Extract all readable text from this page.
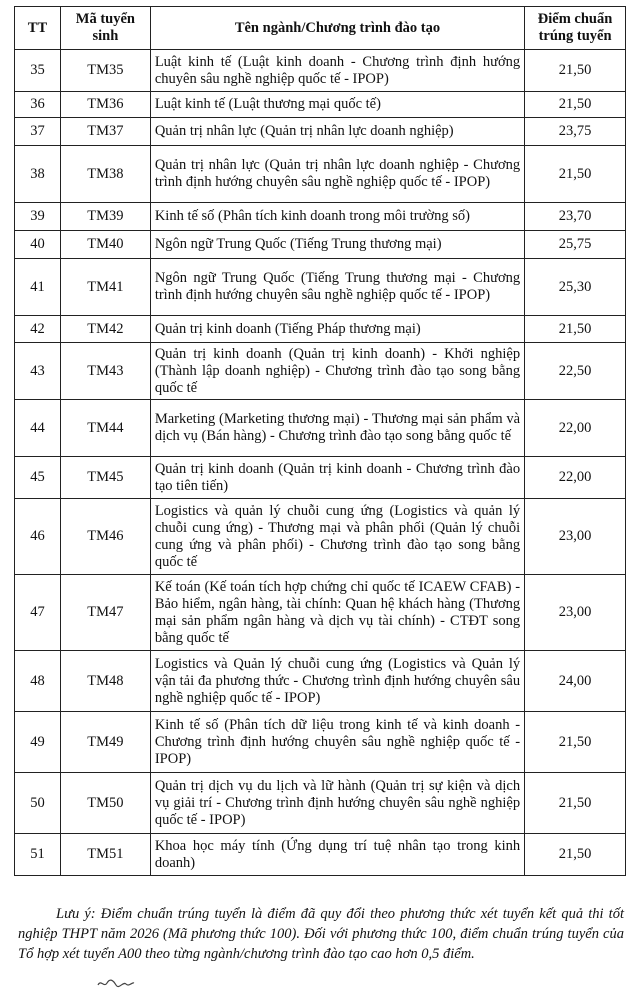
TT	Mã tuyển sinh	Tên ngành/Chương trình đào tạo	Điểm chuẩn trúng tuyển
35	TM35	Luật kinh tế (Luật kinh doanh - Chương trình định hướng chuyên sâu nghề nghiệp quốc tế - IPOP)	21,50
36	TM36	Luật kinh tế (Luật thương mại quốc tế)	21,50
37	TM37	Quản trị nhân lực (Quản trị nhân lực doanh nghiệp)	23,75
38	TM38	Quản trị nhân lực (Quản trị nhân lực doanh nghiệp - Chương trình định hướng chuyên sâu nghề nghiệp quốc tế - IPOP)	21,50
39	TM39	Kinh tế số (Phân tích kinh doanh trong môi trường số)	23,70
40	TM40	Ngôn ngữ Trung Quốc (Tiếng Trung thương mại)	25,75
41	TM41	Ngôn ngữ Trung Quốc (Tiếng Trung thương mại - Chương trình định hướng chuyên sâu nghề nghiệp quốc tế - IPOP)	25,30
42	TM42	Quản trị kinh doanh (Tiếng Pháp thương mại)	21,50
43	TM43	Quản trị kinh doanh (Quản trị kinh doanh) - Khởi nghiệp (Thành lập doanh nghiệp) - Chương trình đào tạo song bằng quốc tế	22,50
44	TM44	Marketing (Marketing thương mại) - Thương mại sản phẩm và dịch vụ (Bán hàng) - Chương trình đào tạo song bằng quốc tế	22,00
45	TM45	Quản trị kinh doanh (Quản trị kinh doanh - Chương trình đào tạo tiên tiến)	22,00
46	TM46	Logistics và quản lý chuỗi cung ứng (Logistics và quản lý chuỗi cung ứng) - Thương mại và phân phối (Quản lý chuỗi cung ứng và phân phối) - Chương trình đào tạo song bằng quốc tế	23,00
47	TM47	Kế toán (Kế toán tích hợp chứng chỉ quốc tế ICAEW CFAB) - Bảo hiểm, ngân hàng, tài chính: Quan hệ khách hàng (Thương mại sản phẩm ngân hàng và dịch vụ tài chính) - CTĐT song bằng quốc tế	23,00
48	TM48	Logistics và Quản lý chuỗi cung ứng (Logistics và Quản lý vận tải đa phương thức - Chương trình định hướng chuyên sâu nghề nghiệp quốc tế - IPOP)	24,00
49	TM49	Kinh tế số (Phân tích dữ liệu trong kinh tế và kinh doanh - Chương trình định hướng chuyên sâu nghề nghiệp quốc tế - IPOP)	21,50
50	TM50	Quản trị dịch vụ du lịch và lữ hành (Quản trị sự kiện và dịch vụ giải trí - Chương trình định hướng chuyên sâu nghề nghiệp quốc tế - IPOP)	21,50
51	TM51	Khoa học máy tính (Ứng dụng trí tuệ nhân tạo trong kinh doanh)	21,50

Lưu ý: Điểm chuẩn trúng tuyển là điểm đã quy đổi theo phương thức xét tuyển kết quả thi tốt nghiệp THPT năm 2026 (Mã phương thức 100). Đối với phương thức 100, điểm chuẩn trúng tuyển của Tổ hợp xét tuyển A00 theo từng ngành/chương trình đào tạo cao hơn 0,5 điểm.
